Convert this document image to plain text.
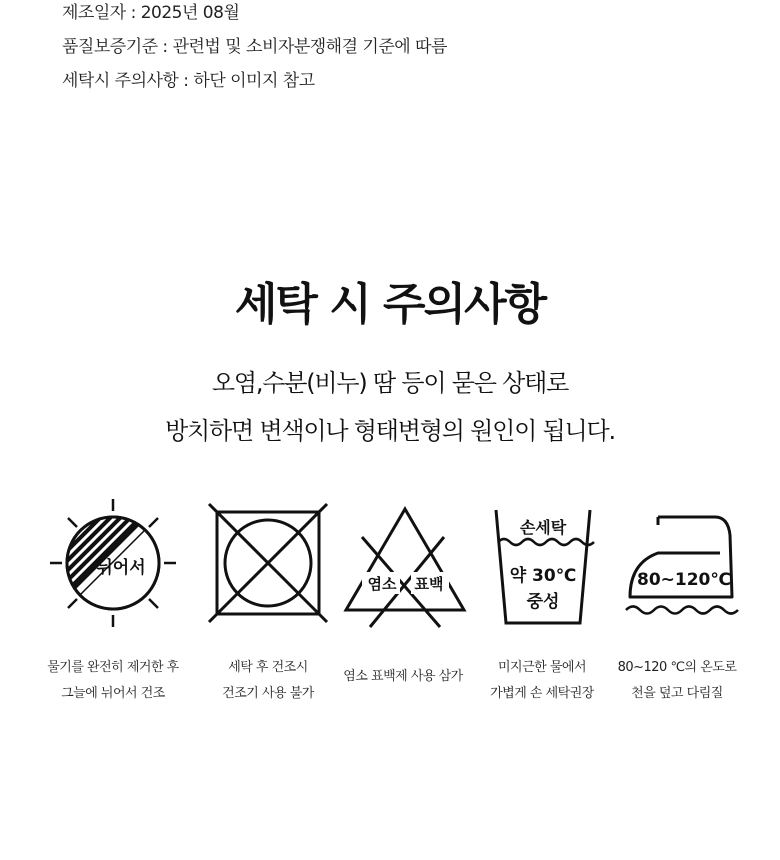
제조일자 : 2025년 08월
품질보증기준 : 관련법 및 소비자분쟁해결 기준에 따름
세탁시 주의사항 : 하단 이미지 참고
세탁 시 주의사항
오염,수분(비누) 땀 등이 묻은 상태로
방치하면 변색이나 형태변형의 원인이 됩니다.
뉘어서
염소 표백
손세탁
약 30℃
중성
80~120℃
물기를 완전히 제거한 후
그늘에 뉘어서 건조
세탁 후 건조시
건조기 사용 불가
염소 표백제 사용 삼가
미지근한 물에서
가볍게 손 세탁권장
80~120 ℃의 온도로
천을 덮고 다림질
